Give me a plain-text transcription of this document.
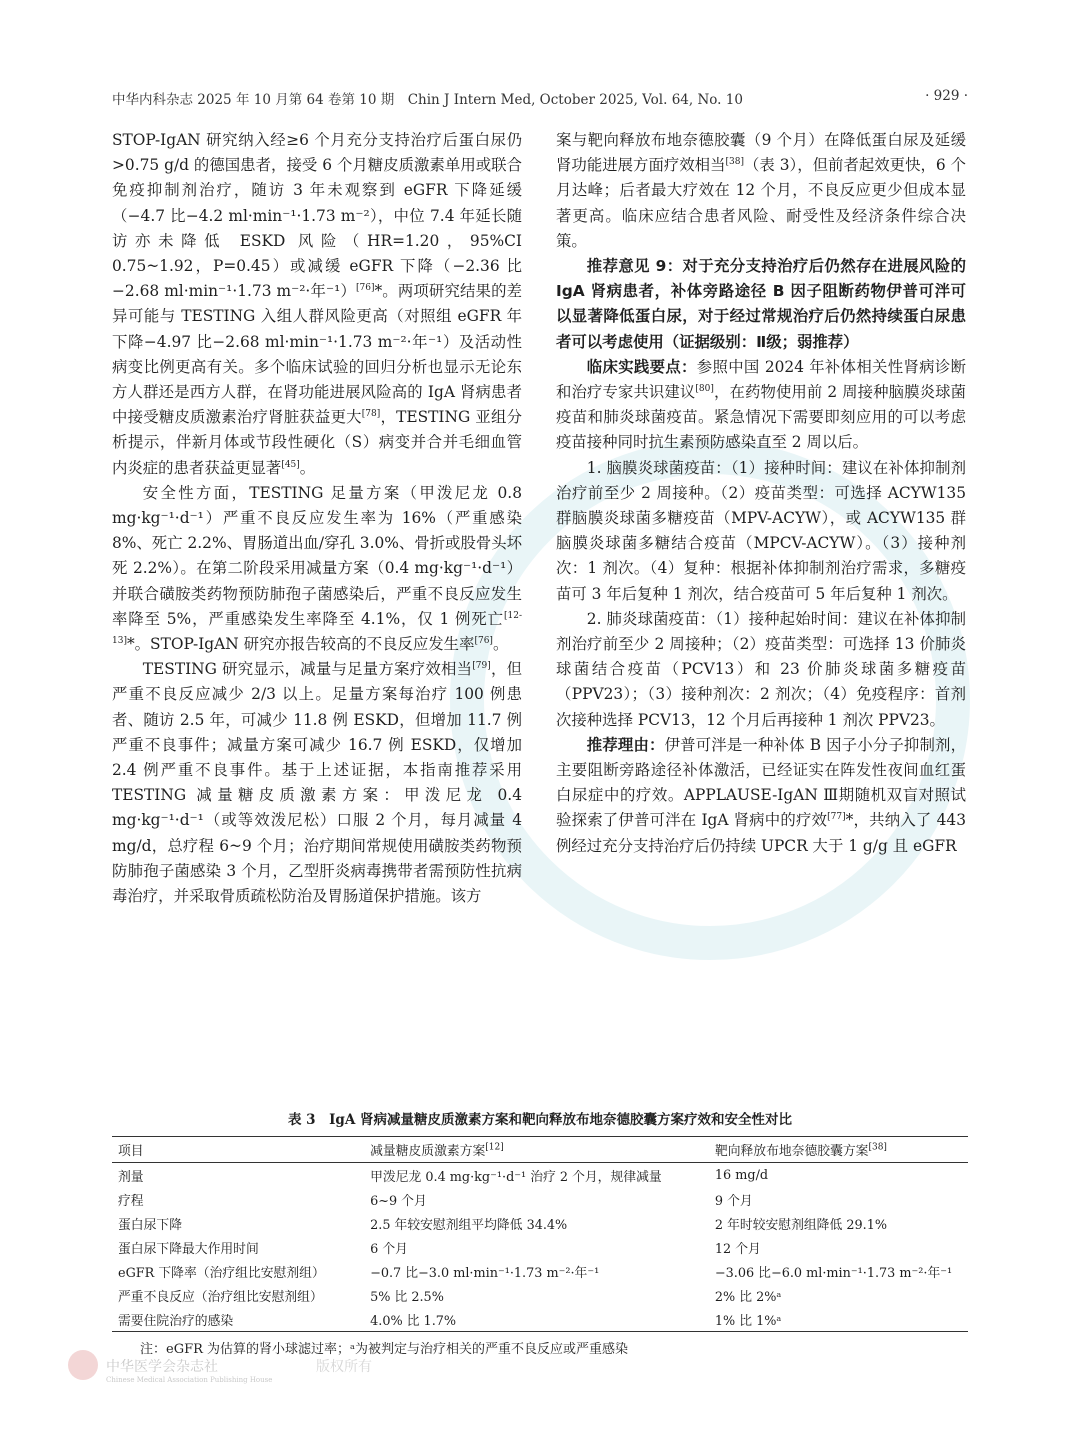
中华内科杂志 2025 年 10 月第 64 卷第 10 期　Chin J Intern Med, October 2025, Vol. 64, No. 10	· 929 ·

STOP-IgAN 研究纳入经≥6 个月充分支持治疗后蛋白尿仍>0.75 g/d 的德国患者，接受 6 个月糖皮质激素单用或联合免疫抑制剂治疗，随访 3 年未观察到 eGFR 下降延缓（−4.7 比−4.2 ml·min⁻¹·1.73 m⁻²），中位 7.4 年延长随访亦未降低 ESKD 风险（HR=1.20，95%CI 0.75~1.92，P=0.45）或减缓 eGFR 下降（−2.36 比−2.68 ml·min⁻¹·1.73 m⁻²·年⁻¹）[76]*。两项研究结果的差异可能与 TESTING 入组人群风险更高（对照组 eGFR 年下降−4.97 比−2.68 ml·min⁻¹·1.73 m⁻²·年⁻¹）及活动性病变比例更高有关。多个临床试验的回归分析也显示无论东方人群还是西方人群，在肾功能进展风险高的 IgA 肾病患者中接受糖皮质激素治疗肾脏获益更大[78]，TESTING 亚组分析提示，伴新月体或节段性硬化（S）病变并合并毛细血管内炎症的患者获益更显著[45]。

安全性方面，TESTING 足量方案（甲泼尼龙 0.8 mg·kg⁻¹·d⁻¹）严重不良反应发生率为 16%（严重感染 8%、死亡 2.2%、胃肠道出血/穿孔 3.0%、骨折或股骨头坏死 2.2%）。在第二阶段采用减量方案（0.4 mg·kg⁻¹·d⁻¹）并联合磺胺类药物预防肺孢子菌感染后，严重不良反应发生率降至 5%，严重感染发生率降至 4.1%，仅 1 例死亡[12-13]*。STOP-IgAN 研究亦报告较高的不良反应发生率[76]。

TESTING 研究显示，减量与足量方案疗效相当[79]，但严重不良反应减少 2/3 以上。足量方案每治疗 100 例患者、随访 2.5 年，可减少 11.8 例 ESKD，但增加 11.7 例严重不良事件；减量方案可减少 16.7 例 ESKD，仅增加 2.4 例严重不良事件。基于上述证据，本指南推荐采用 TESTING 减量糖皮质激素方案：甲泼尼龙 0.4 mg·kg⁻¹·d⁻¹（或等效泼尼松）口服 2 个月，每月减量 4 mg/d，总疗程 6~9 个月；治疗期间常规使用磺胺类药物预防肺孢子菌感染 3 个月，乙型肝炎病毒携带者需预防性抗病毒治疗，并采取骨质疏松防治及胃肠道保护措施。该方

案与靶向释放布地奈德胶囊（9 个月）在降低蛋白尿及延缓肾功能进展方面疗效相当[38]（表 3），但前者起效更快，6 个月达峰；后者最大疗效在 12 个月，不良反应更少但成本显著更高。临床应结合患者风险、耐受性及经济条件综合决策。

推荐意见 9：对于充分支持治疗后仍然存在进展风险的 IgA 肾病患者，补体旁路途径 B 因子阻断药物伊普可泮可以显著降低蛋白尿，对于经过常规治疗后仍然持续蛋白尿患者可以考虑使用（证据级别：Ⅱ级；弱推荐）

临床实践要点：参照中国 2024 年补体相关性肾病诊断和治疗专家共识建议[80]，在药物使用前 2 周接种脑膜炎球菌疫苗和肺炎球菌疫苗。紧急情况下需要即刻应用的可以考虑疫苗接种同时抗生素预防感染直至 2 周以后。

1. 脑膜炎球菌疫苗：（1）接种时间：建议在补体抑制剂治疗前至少 2 周接种。（2）疫苗类型：可选择 ACYW135 群脑膜炎球菌多糖疫苗（MPV-ACYW），或 ACYW135 群脑膜炎球菌多糖结合疫苗（MPCV-ACYW）。（3）接种剂次：1 剂次。（4）复种：根据补体抑制剂治疗需求，多糖疫苗可 3 年后复种 1 剂次，结合疫苗可 5 年后复种 1 剂次。

2. 肺炎球菌疫苗：（1）接种起始时间：建议在补体抑制剂治疗前至少 2 周接种；（2）疫苗类型：可选择 13 价肺炎球菌结合疫苗（PCV13）和 23 价肺炎球菌多糖疫苗（PPV23）；（3）接种剂次：2 剂次；（4）免疫程序：首剂次接种选择 PCV13，12 个月后再接种 1 剂次 PPV23。

推荐理由：伊普可泮是一种补体 B 因子小分子抑制剂，主要阻断旁路途径补体激活，已经证实在阵发性夜间血红蛋白尿症中的疗效。APPLAUSE-IgAN Ⅲ期随机双盲对照试验探索了伊普可泮在 IgA 肾病中的疗效[77]*，共纳入了 443 例经过充分支持治疗后仍持续 UPCR 大于 1 g/g 且 eGFR

表 3　IgA 肾病减量糖皮质激素方案和靶向释放布地奈德胶囊方案疗效和安全性对比
项目	减量糖皮质激素方案[12]	靶向释放布地奈德胶囊方案[38]
剂量	甲泼尼龙 0.4 mg·kg⁻¹·d⁻¹ 治疗 2 个月，规律减量	16 mg/d
疗程	6~9 个月	9 个月
蛋白尿下降	2.5 年较安慰剂组平均降低 34.4%	2 年时较安慰剂组降低 29.1%
蛋白尿下降最大作用时间	6 个月	12 个月
eGFR 下降率（治疗组比安慰剂组）	−0.7 比−3.0 ml·min⁻¹·1.73 m⁻²·年⁻¹	−3.06 比−6.0 ml·min⁻¹·1.73 m⁻²·年⁻¹
严重不良反应（治疗组比安慰剂组）	5% 比 2.5%	2% 比 2%ᵃ
需要住院治疗的感染	4.0% 比 1.7%	1% 比 1%ᵃ
注：eGFR 为估算的肾小球滤过率；ᵃ为被判定与治疗相关的严重不良反应或严重感染
中华医学会杂志社
Chinese Medical Association Publishing House
版权所有
